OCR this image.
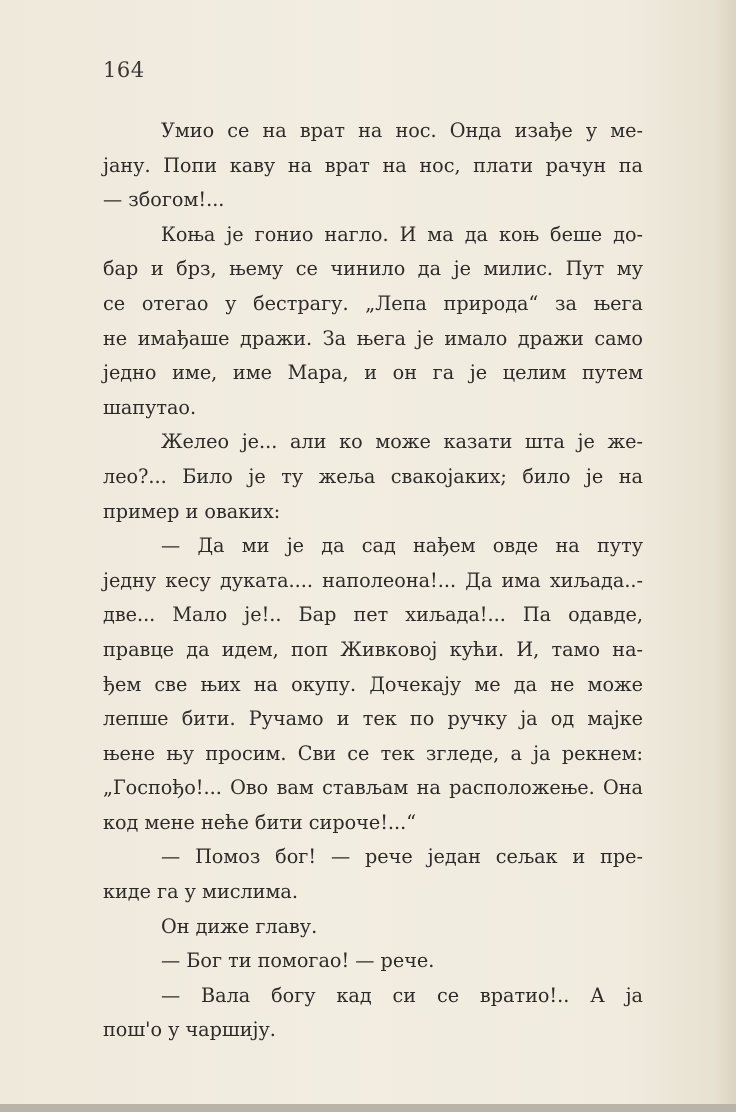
164
Умио се на врат на нос. Онда изађе у ме-
јану. Попи каву на врат на нос, плати рачун па
— збогом!...
Коња је гонио нагло. И ма да коњ беше до-
бар и брз, њему се чинило да је милис. Пут му
се отегао у бестрагу. „Лепа природа“ за њега
не имађаше дражи. За њега је имало дражи само
једно име, име Мара, и он га је целим путем
шапутао.
Желео је... али ко може казати шта је же-
лео?... Било је ту жеља свакојаких; било је на
пример и оваких:
— Да ми је да сад нађем овде на путу
једну кесу дуката.... наполеона!... Да има хиљада..-
две... Мало је!.. Бар пет хиљада!... Па одавде,
правце да идем, поп Живковој кући. И, тамо на-
ђем све њих на окупу. Дочекају ме да не може
лепше бити. Ручамо и тек по ручку ја од мајке
њене њу просим. Сви се тек згледе, а ја рекнем:
„Госпођо!... Ово вам стављам на расположење. Она
код мене неће бити сироче!...“
— Помоз бог! — рече један сељак и пре-
киде га у мислима.
Он диже главу.
— Бог ти помогао! — рече.
— Вала богу кад си се вратио!.. А ја
пош'о у чаршију.
